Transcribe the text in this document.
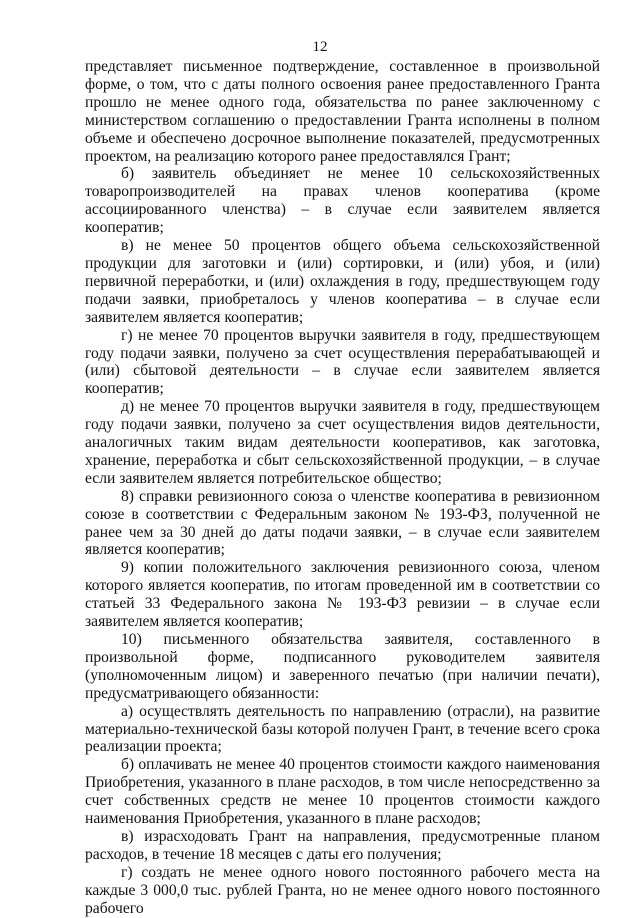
12

представляет письменное подтверждение, составленное в произвольной форме, о том, что с даты полного освоения ранее предоставленного Гранта прошло не менее одного года, обязательства по ранее заключенному с министерством соглашению о предоставлении Гранта исполнены в полном объеме и обеспечено досрочное выполнение показателей, предусмотренных проектом, на реализацию которого ранее предоставлялся Грант;

б) заявитель объединяет не менее 10 сельскохозяйственных товаропроизводителей на правах членов кооператива (кроме ассоциированного членства) – в случае если заявителем является кооператив;

в) не менее 50 процентов общего объема сельскохозяйственной продукции для заготовки и (или) сортировки, и (или) убоя, и (или) первичной переработки, и (или) охлаждения в году, предшествующем году подачи заявки, приобреталось у членов кооператива – в случае если заявителем является кооператив;

г) не менее 70 процентов выручки заявителя в году, предшествующем году подачи заявки, получено за счет осуществления перерабатывающей и (или) сбытовой деятельности – в случае если заявителем является кооператив;

д) не менее 70 процентов выручки заявителя в году, предшествующем году подачи заявки, получено за счет осуществления видов деятельности, аналогичных таким видам деятельности кооперативов, как заготовка, хранение, переработка и сбыт сельскохозяйственной продукции, – в случае если заявителем является потребительское общество;

8) справки ревизионного союза о членстве кооператива в ревизионном союзе в соответствии с Федеральным законом № 193-ФЗ, полученной не ранее чем за 30 дней до даты подачи заявки, – в случае если заявителем является кооператив;

9) копии положительного заключения ревизионного союза, членом которого является кооператив, по итогам проведенной им в соответствии со статьей 33 Федерального закона № 193-ФЗ ревизии – в случае если заявителем является кооператив;

10) письменного обязательства заявителя, составленного в произвольной форме, подписанного руководителем заявителя (уполномоченным лицом) и заверенного печатью (при наличии печати), предусматривающего обязанности:

а) осуществлять деятельность по направлению (отрасли), на развитие материально-технической базы которой получен Грант, в течение всего срока реализации проекта;

б) оплачивать не менее 40 процентов стоимости каждого наименования Приобретения, указанного в плане расходов, в том числе непосредственно за счет собственных средств не менее 10 процентов стоимости каждого наименования Приобретения, указанного в плане расходов;

в) израсходовать Грант на направления, предусмотренные планом расходов, в течение 18 месяцев с даты его получения;

г) создать не менее одного нового постоянного рабочего места на каждые 3 000,0 тыс. рублей Гранта, но не менее одного нового постоянного рабочего
